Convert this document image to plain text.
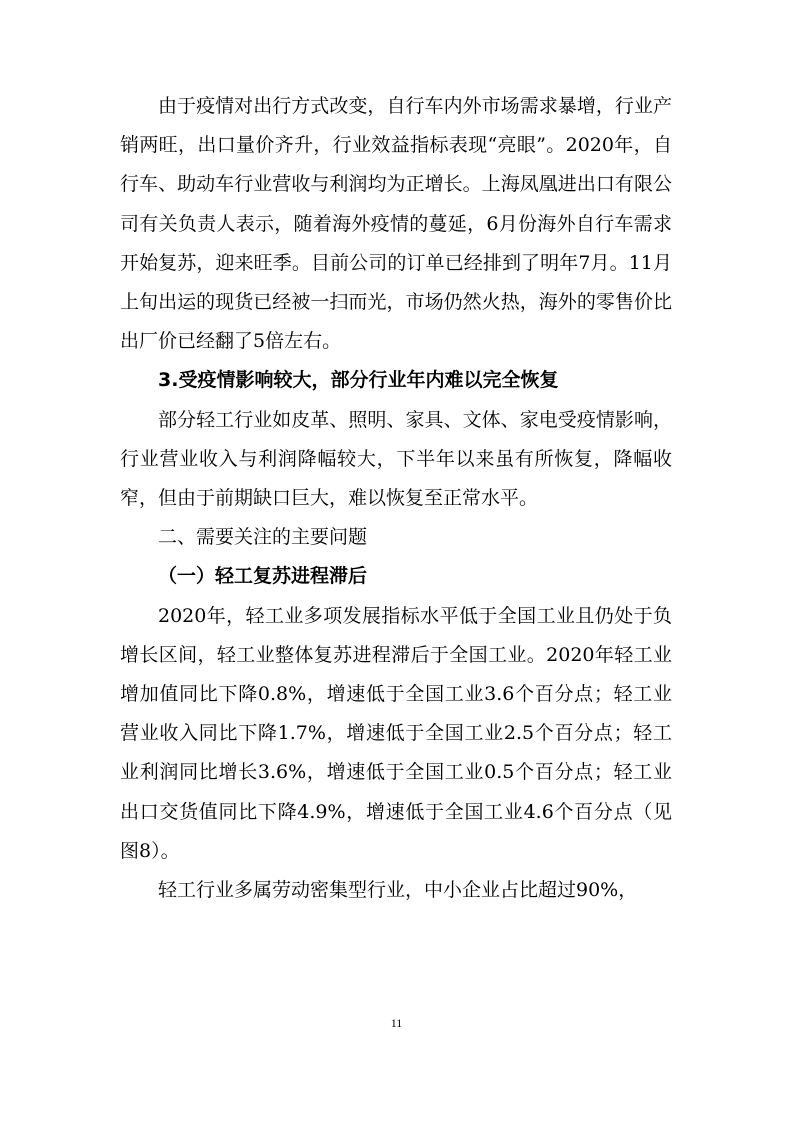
由于疫情对出行方式改变，自行车内外市场需求暴增，行业产销两旺，出口量价齐升，行业效益指标表现“亮眼”。2020年，自行车、助动车行业营收与利润均为正增长。上海凤凰进出口有限公司有关负责人表示，随着海外疫情的蔓延，6月份海外自行车需求开始复苏，迎来旺季。目前公司的订单已经排到了明年7月。11月上旬出运的现货已经被一扫而光，市场仍然火热，海外的零售价比出厂价已经翻了5倍左右。

3.受疫情影响较大，部分行业年内难以完全恢复

部分轻工行业如皮革、照明、家具、文体、家电受疫情影响，行业营业收入与利润降幅较大，下半年以来虽有所恢复，降幅收窄，但由于前期缺口巨大，难以恢复至正常水平。

二、需要关注的主要问题

（一）轻工复苏进程滞后

2020年，轻工业多项发展指标水平低于全国工业且仍处于负增长区间，轻工业整体复苏进程滞后于全国工业。2020年轻工业增加值同比下降0.8%，增速低于全国工业3.6个百分点；轻工业营业收入同比下降1.7%，增速低于全国工业2.5个百分点；轻工业利润同比增长3.6%，增速低于全国工业0.5个百分点；轻工业出口交货值同比下降4.9%，增速低于全国工业4.6个百分点（见图8）。

轻工行业多属劳动密集型行业，中小企业占比超过90%，

11
